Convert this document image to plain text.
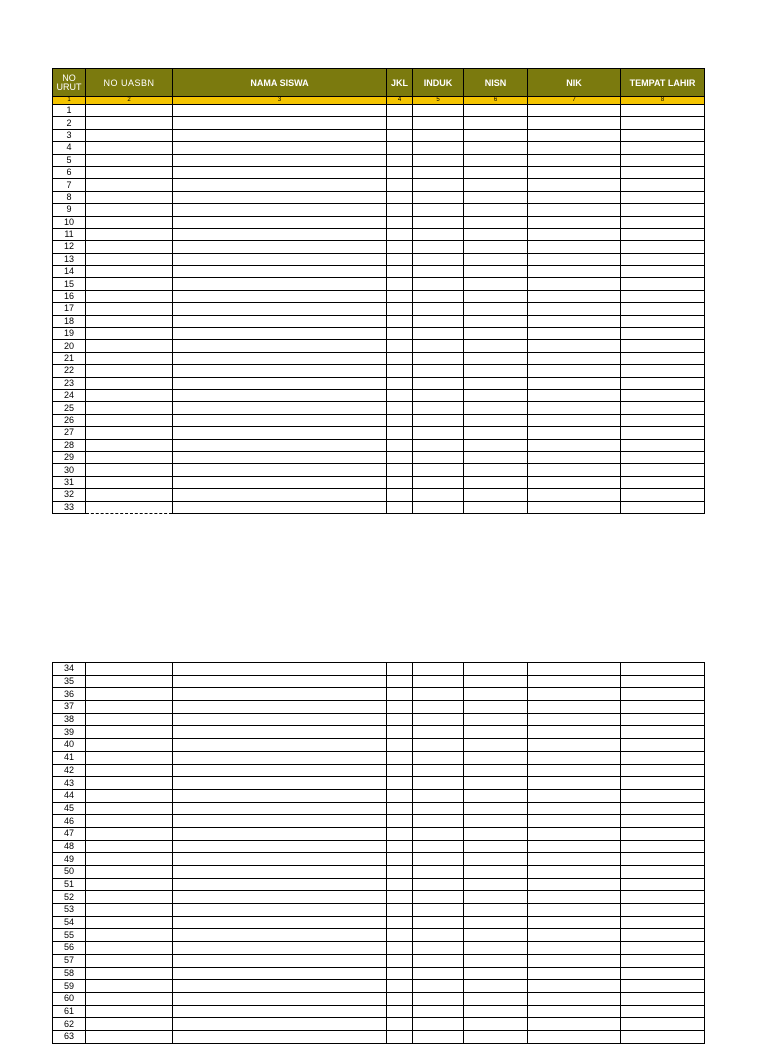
NO
URUT	NO UASBN	NAMA SISWA	JKL	INDUK	NISN	NIK	TEMPAT LAHIR
1	2	3	4	5	6	7	8
1							
2							
3							
4							
5							
6							
7							
8							
9							
10							
11							
12							
13							
14							
15							
16							
17							
18							
19							
20							
21							
22							
23							
24							
25							
26							
27							
28							
29							
30							
31							
32							
33							
34							
35							
36							
37							
38							
39							
40							
41							
42							
43							
44							
45							
46							
47							
48							
49							
50							
51							
52							
53							
54							
55							
56							
57							
58							
59							
60							
61							
62							
63							
